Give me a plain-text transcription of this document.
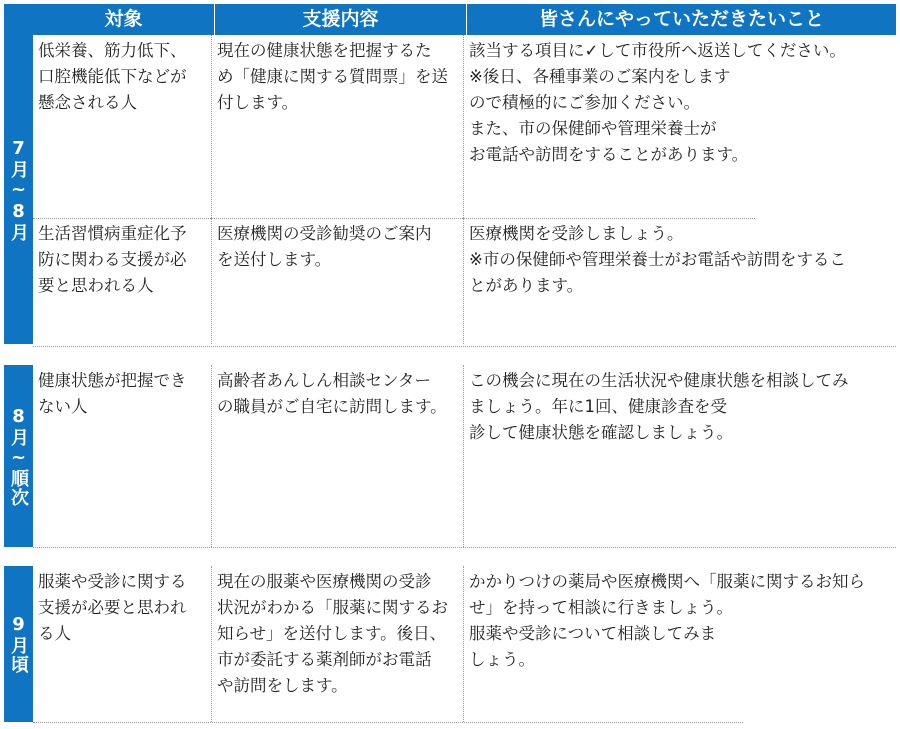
対象	支援内容	皆さんにやっていただきたいこと
7月~8月
低栄養、筋力低下、
口腔機能低下などが
懸念される人
現在の健康状態を把握するた
め「健康に関する質問票」を送
付します。
該当する項目に✓して市役所へ返送してください。
※後日、各種事業のご案内をします
ので積極的にご参加ください。
また、市の保健師や管理栄養士が
お電話や訪問をすることがあります。
生活習慣病重症化予
防に関わる支援が必
要と思われる人
医療機関の受診勧奨のご案内
を送付します。
医療機関を受診しましょう。
※市の保健師や管理栄養士がお電話や訪問をするこ
とがあります。
8月~順次
健康状態が把握でき
ない人
高齢者あんしん相談センター
の職員がご自宅に訪問します。
この機会に現在の生活状況や健康状態を相談してみ
ましょう。年に1回、健康診査を受
診して健康状態を確認しましょう。
9月頃
服薬や受診に関する
支援が必要と思われ
る人
現在の服薬や医療機関の受診
状況がわかる「服薬に関するお
知らせ」を送付します。後日、
市が委託する薬剤師がお電話
や訪問をします。
かかりつけの薬局や医療機関へ「服薬に関するお知ら
せ」を持って相談に行きましょう。
服薬や受診について相談してみま
しょう。
